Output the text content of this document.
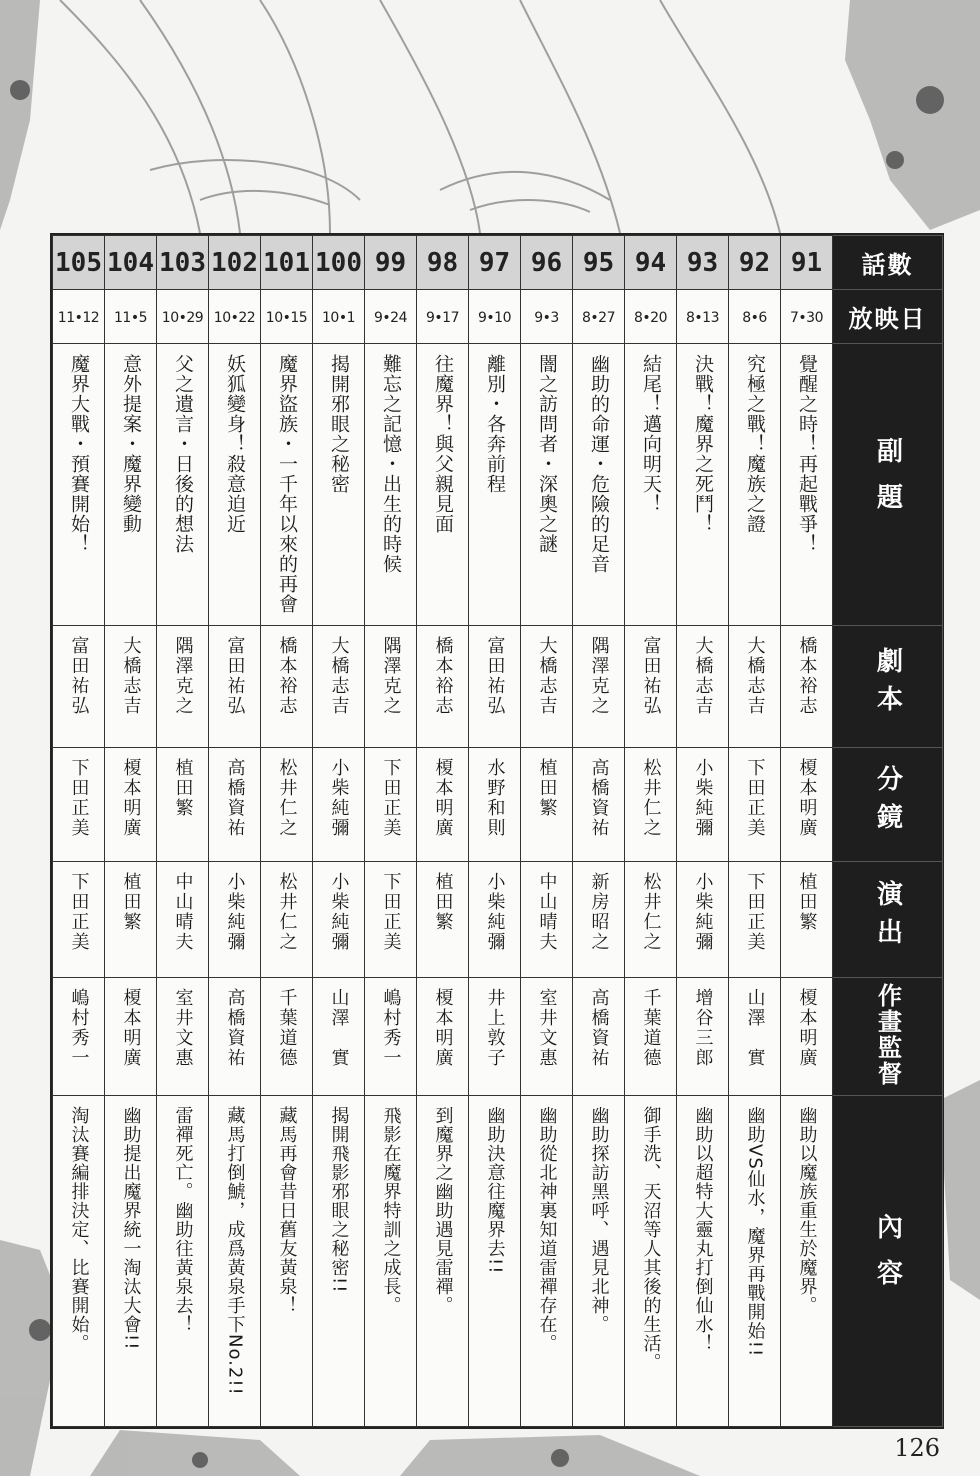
105	104	103	102	101	100	99	98	97	96	95	94	93	92	91	話數
11•12	11•5	10•29	10•22	10•15	10•1	9•24	9•17	9•10	9•3	8•27	8•20	8•13	8•6	7•30	放映日
魔界大戰・預賽開始！	意外提案・魔界變動	父之遺言・日後的想法	妖狐變身！殺意迫近	魔界盜族・一千年以來的再會	揭開邪眼之秘密	難忘之記憶・出生的時候	往魔界！與父親見面	離別・各奔前程	闇之訪問者・深奧之謎	幽助的命運・危險的足音	結尾！邁向明天！	決戰！魔界之死鬥！	究極之戰！魔族之證	覺醒之時！再起戰爭！	副題
富田祐弘	大橋志吉	隅澤克之	富田祐弘	橋本裕志	大橋志吉	隅澤克之	橋本裕志	富田祐弘	大橋志吉	隅澤克之	富田祐弘	大橋志吉	大橋志吉	橋本裕志	劇本
下田正美	榎本明廣	植田繁	高橋資祐	松井仁之	小柴純彌	下田正美	榎本明廣	水野和則	植田繁	高橋資祐	松井仁之	小柴純彌	下田正美	榎本明廣	分鏡
下田正美	植田繁	中山晴夫	小柴純彌	松井仁之	小柴純彌	下田正美	植田繁	小柴純彌	中山晴夫	新房昭之	松井仁之	小柴純彌	下田正美	植田繁	演出
嶋村秀一	榎本明廣	室井文惠	高橋資祐	千葉道德	山澤　實	嶋村秀一	榎本明廣	井上敦子	室井文惠	高橋資祐	千葉道德	增谷三郎	山澤　實	榎本明廣	作畫監督
淘汰賽編排決定、比賽開始。	幽助提出魔界統一淘汰大會!!	雷禪死亡。幽助往黃泉去！	藏馬打倒鯱，成爲黃泉手下No.2!!	藏馬再會昔日舊友黃泉！	揭開飛影邪眼之秘密!!	飛影在魔界特訓之成長。	到魔界之幽助遇見雷禪。	幽助決意往魔界去!!	幽助從北神裏知道雷禪存在。	幽助探訪黑呼、遇見北神。	御手洗、天沼等人其後的生活。	幽助以超特大靈丸打倒仙水！	幽助VS仙水，魔界再戰開始!!	幽助以魔族重生於魔界。	內容
126
